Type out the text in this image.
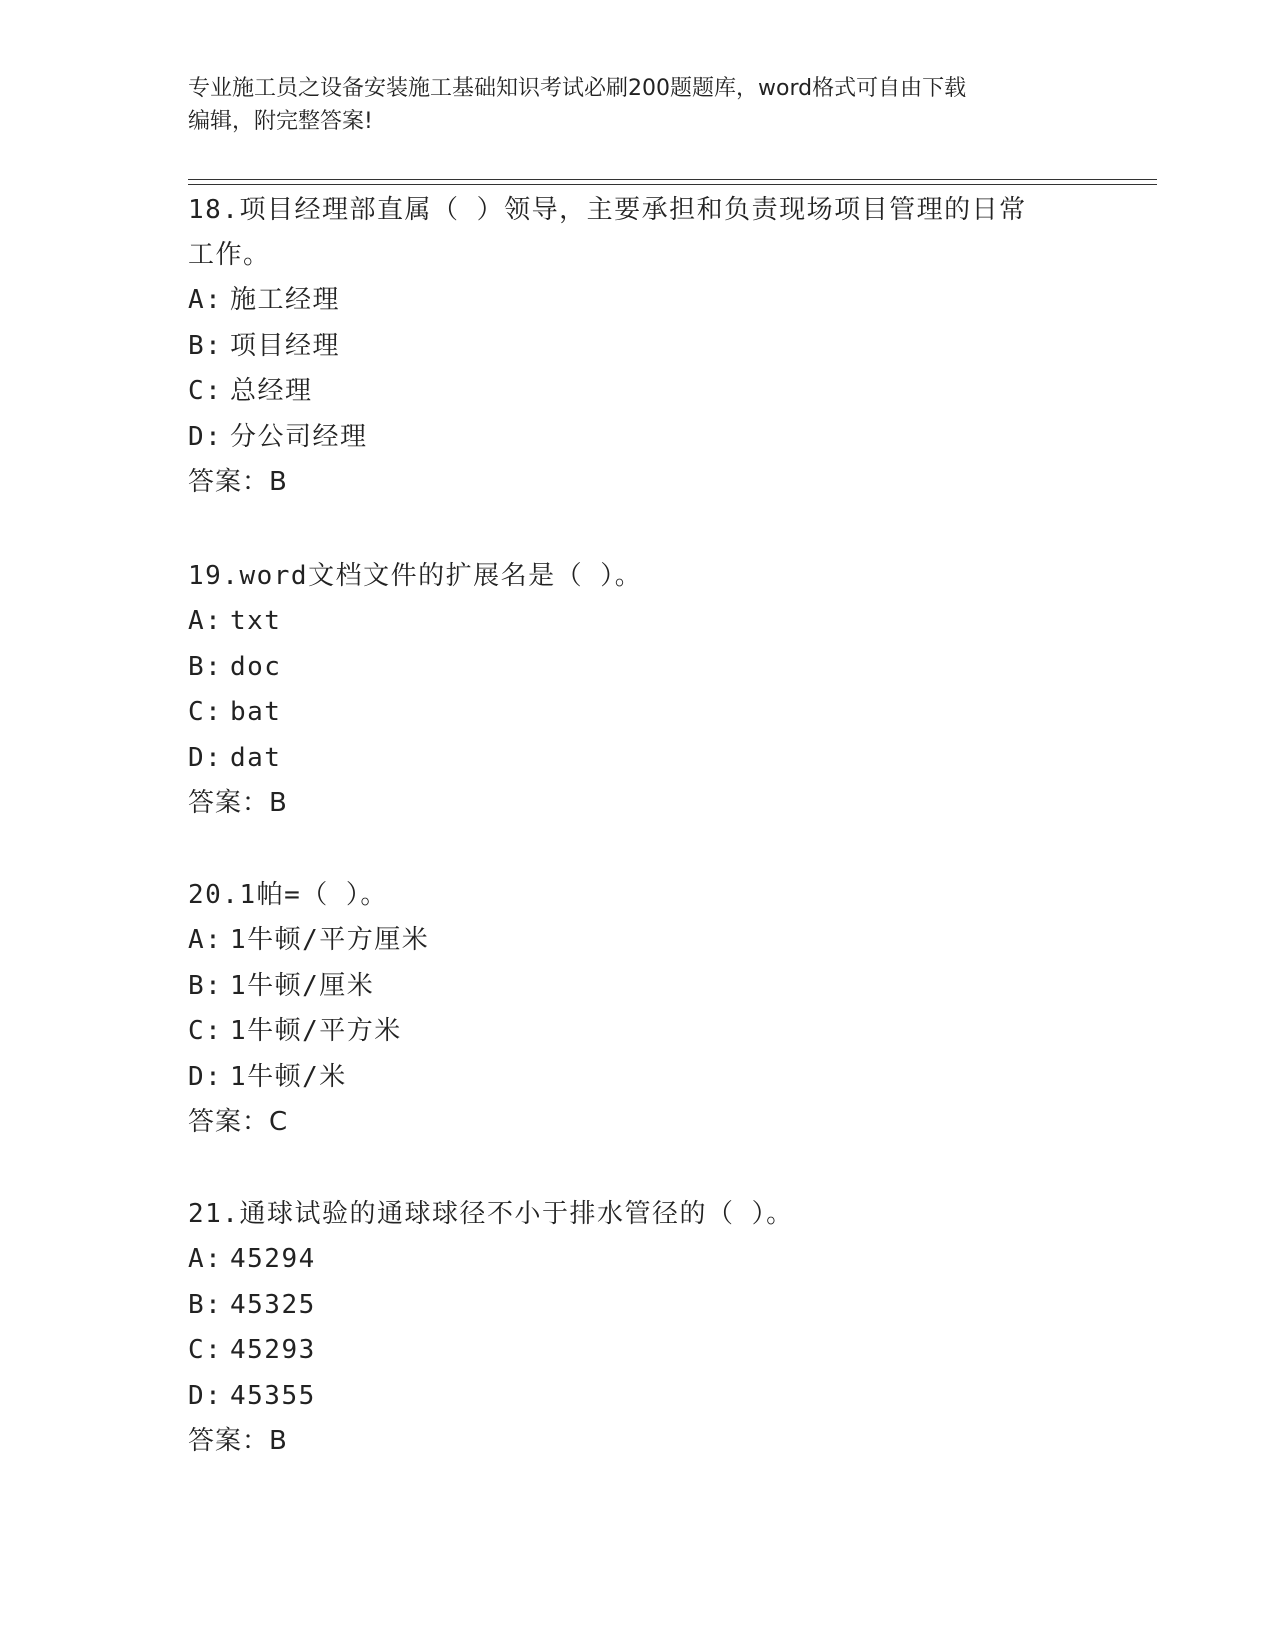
专业施工员之设备安装施工基础知识考试必刷200题题库，word格式可自由下载
编辑，附完整答案!
18.项目经理部直属（ ）领导，主要承担和负责现场项目管理的日常
工作。
A: 施工经理
B: 项目经理
C: 总经理
D: 分公司经理
答案：B
19.word文档文件的扩展名是（ ）。
A: txt
B: doc
C: bat
D: dat
答案：B
20.1帕=（ ）。
A: 1牛顿/平方厘米
B: 1牛顿/厘米
C: 1牛顿/平方米
D: 1牛顿/米
答案：C
21.通球试验的通球球径不小于排水管径的（ ）。
A: 45294
B: 45325
C: 45293
D: 45355
答案：B
